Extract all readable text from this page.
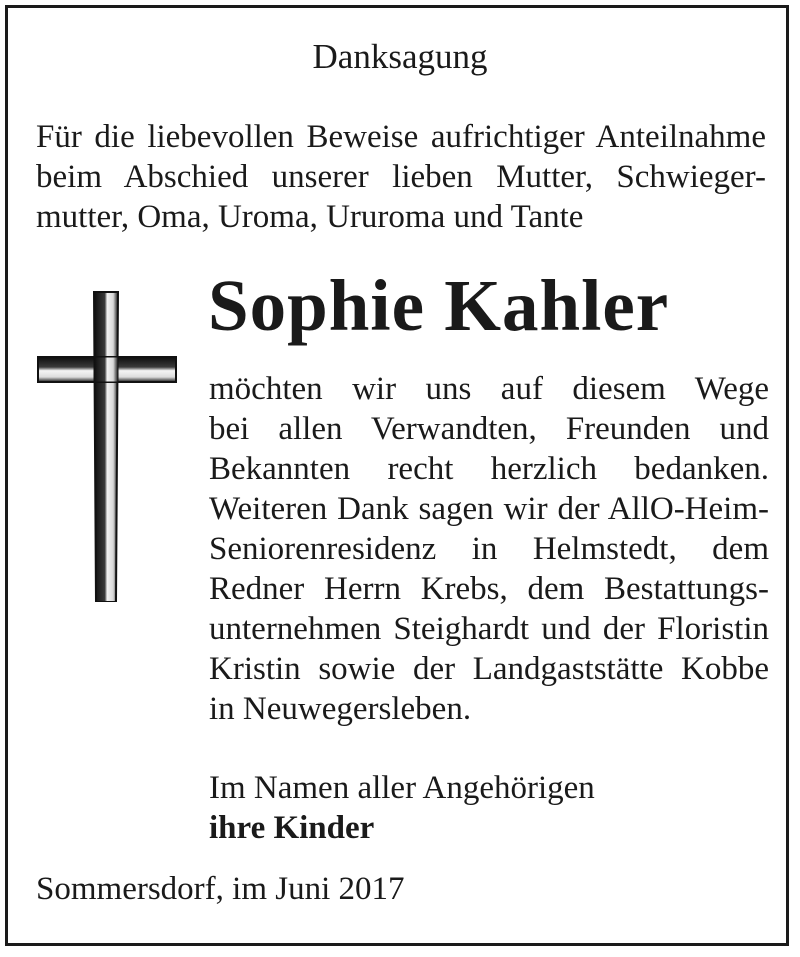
Danksagung
Für die liebevollen Beweise aufrichtiger Anteilnahme
beim Abschied unserer lieben Mutter, Schwieger-
mutter, Oma, Uroma, Ururoma und Tante
Sophie Kahler
möchten wir uns auf diesem Wege
bei allen Verwandten, Freunden und
Bekannten recht herzlich bedanken.
Weiteren Dank sagen wir der AllO-Heim-
Seniorenresidenz in Helmstedt, dem
Redner Herrn Krebs, dem Bestattungs-
unternehmen Steighardt und der Floristin
Kristin sowie der Landgaststätte Kobbe
in Neuwegersleben.
Im Namen aller Angehörigen
ihre Kinder
Sommersdorf, im Juni 2017
